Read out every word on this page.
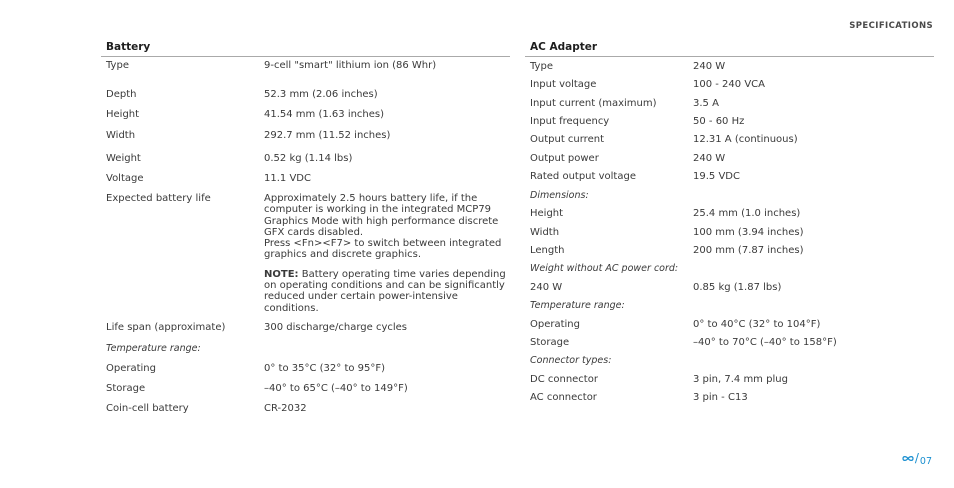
SPECIFICATIONS
Battery
Type	9-cell "smart" lithium ion (86 Whr)
Depth	52.3 mm (2.06 inches)
Height	41.54 mm (1.63 inches)
Width	292.7 mm (11.52 inches)
Weight	0.52 kg (1.14 lbs)
Voltage	11.1 VDC
Expected battery life	Approximately 2.5 hours battery life, if the computer is working in the integrated MCP79 Graphics Mode with high performance discrete GFX cards disabled.

Press <Fn><F7> to switch between integrated graphics and discrete graphics.

NOTE: Battery operating time varies depending on operating conditions and can be significantly reduced under certain power-intensive conditions.

Life span (approximate)	300 discharge/charge cycles
Temperature range:
Operating	0° to 35°C (32° to 95°F)
Storage	–40° to 65°C (–40° to 149°F)
Coin-cell battery	CR-2032
AC Adapter
Type	240 W
Input voltage	100 - 240 VCA
Input current (maximum)	3.5 A
Input frequency	50 - 60 Hz
Output current	12.31 A (continuous)
Output power	240 W
Rated output voltage	19.5 VDC
Dimensions:
Height	25.4 mm (1.0 inches)
Width	100 mm (3.94 inches)
Length	200 mm (7.87 inches)
Weight without AC power cord:
240 W	0.85 kg (1.87 lbs)
Temperature range:
Operating	0° to 40°C (32° to 104°F)
Storage	–40° to 70°C (–40° to 158°F)
Connector types:
DC connector	3 pin, 7.4 mm plug
AC connector	3 pin - C13
/ 07
